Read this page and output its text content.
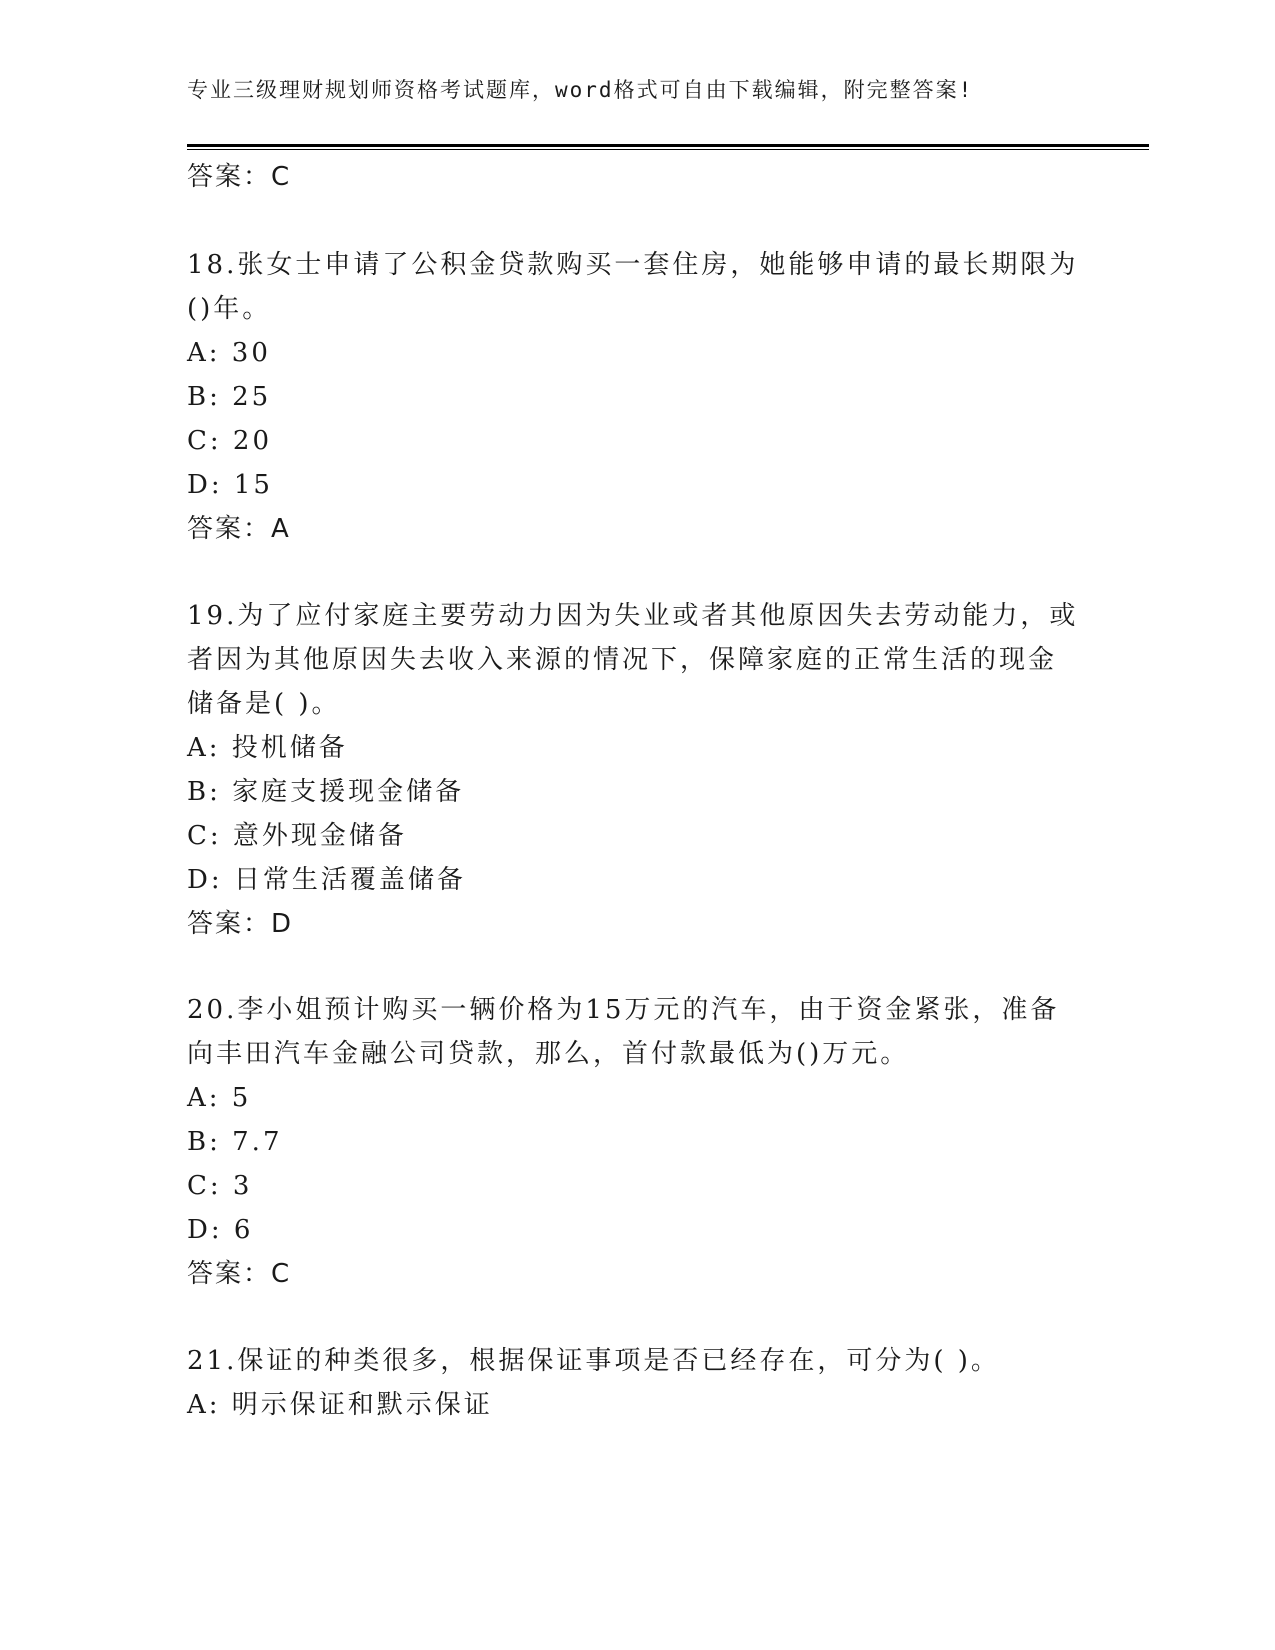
专业三级理财规划师资格考试题库，word格式可自由下载编辑，附完整答案!
答案：C
18.张女士申请了公积金贷款购买一套住房，她能够申请的最长期限为
()年。
A: 30
B: 25
C: 20
D: 15
答案：A
19.为了应付家庭主要劳动力因为失业或者其他原因失去劳动能力，或
者因为其他原因失去收入来源的情况下，保障家庭的正常生活的现金
储备是( )。
A: 投机储备
B: 家庭支援现金储备
C: 意外现金储备
D: 日常生活覆盖储备
答案：D
20.李小姐预计购买一辆价格为15万元的汽车，由于资金紧张，准备
向丰田汽车金融公司贷款，那么，首付款最低为()万元。
A: 5
B: 7.7
C: 3
D: 6
答案：C
21.保证的种类很多，根据保证事项是否已经存在，可分为( )。
A: 明示保证和默示保证
